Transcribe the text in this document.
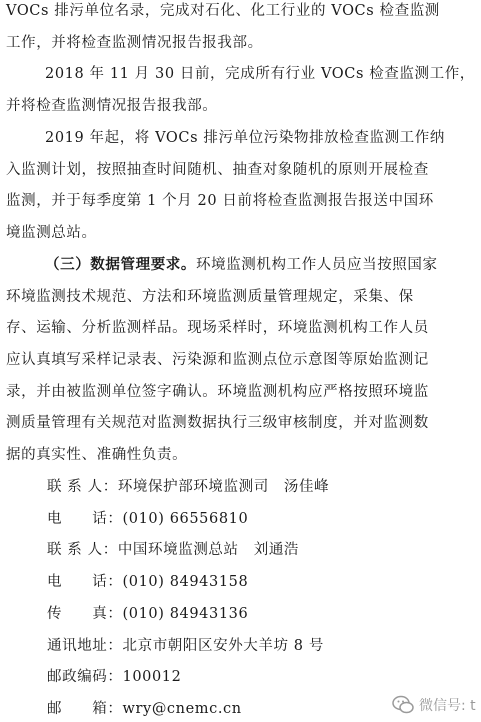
VOCs 排污单位名录，完成对石化、化工行业的 VOCs 检查监测
工作，并将检查监测情况报告报我部。
2018 年 11 月 30 日前，完成所有行业 VOCs 检查监测工作，
并将检查监测情况报告报我部。
2019 年起，将 VOCs 排污单位污染物排放检查监测工作纳
入监测计划，按照抽查时间随机、抽查对象随机的原则开展检查
监测，并于每季度第 1 个月 20 日前将检查监测报告报送中国环
境监测总站。
（三）数据管理要求。环境监测机构工作人员应当按照国家
环境监测技术规范、方法和环境监测质量管理规定，采集、保
存、运输、分析监测样品。现场采样时，环境监测机构工作人员
应认真填写采样记录表、污染源和监测点位示意图等原始监测记
录，并由被监测单位签字确认。环境监测机构应严格按照环境监
测质量管理有关规范对监测数据执行三级审核制度，并对监测数
据的真实性、准确性负责。
联 系 人：环境保护部环境监测司　汤佳峰
电　　话：(010) 66556810
联 系 人：中国环境监测总站　刘通浩
电　　话：(010) 84943158
传　　真：(010) 84943136
通讯地址：北京市朝阳区安外大羊坊 8 号
邮政编码：100012
邮　　箱：wry@cnemc.cn	微信号: t
